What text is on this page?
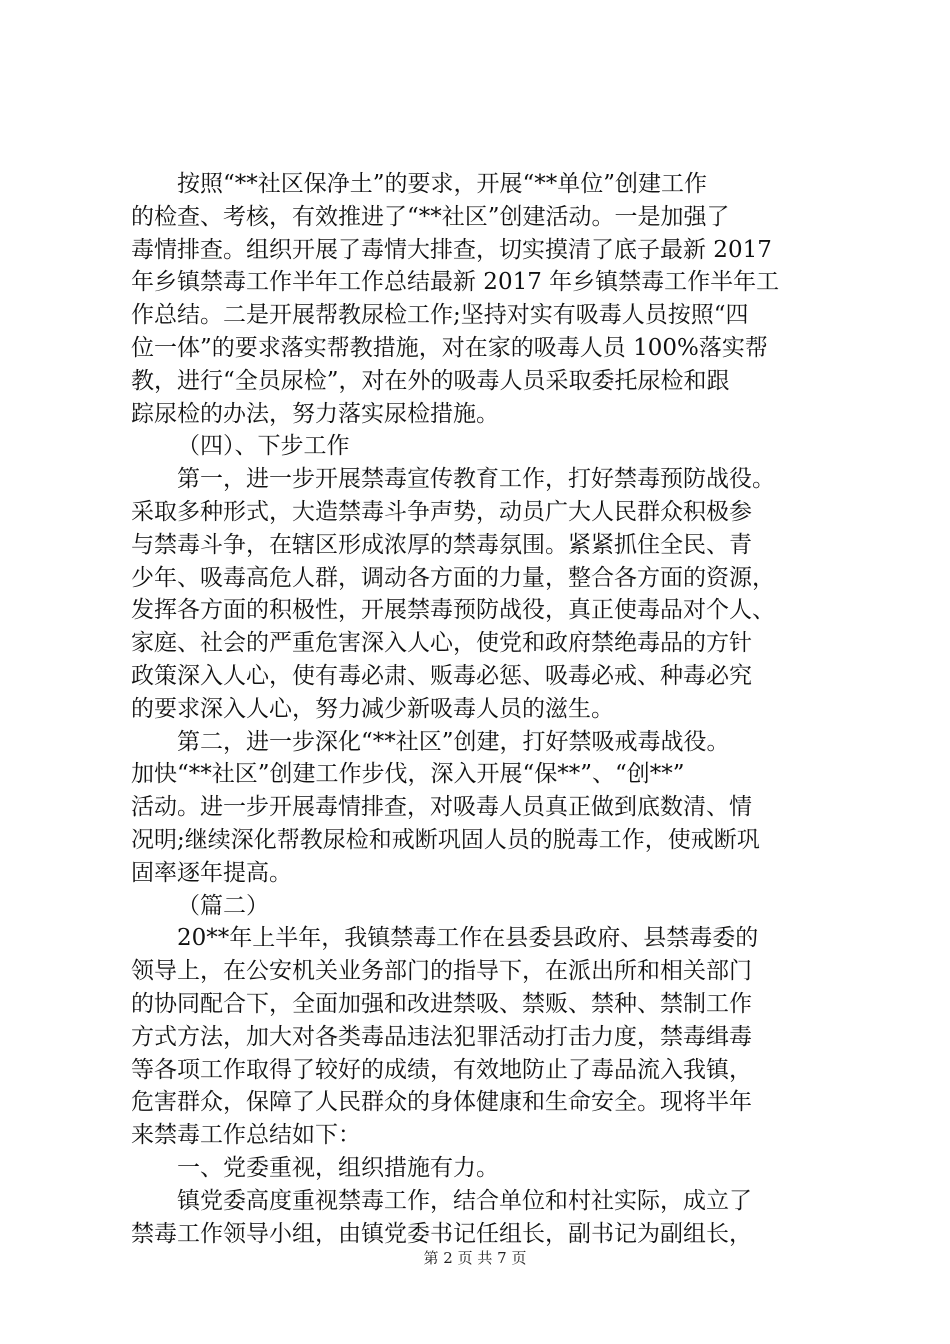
按照“**社区保净土”的要求，开展“**单位”创建工作
的检查、考核，有效推进了“**社区”创建活动。一是加强了
毒情排查。组织开展了毒情大排查，切实摸清了底子最新 2017
年乡镇禁毒工作半年工作总结最新 2017 年乡镇禁毒工作半年工
作总结。二是开展帮教尿检工作;坚持对实有吸毒人员按照“四
位一体”的要求落实帮教措施，对在家的吸毒人员 100%落实帮
教，进行“全员尿检”，对在外的吸毒人员采取委托尿检和跟
踪尿检的办法，努力落实尿检措施。
（四）、下步工作
第一，进一步开展禁毒宣传教育工作，打好禁毒预防战役。
采取多种形式，大造禁毒斗争声势，动员广大人民群众积极参
与禁毒斗争，在辖区形成浓厚的禁毒氛围。紧紧抓住全民、青
少年、吸毒高危人群，调动各方面的力量，整合各方面的资源，
发挥各方面的积极性，开展禁毒预防战役，真正使毒品对个人、
家庭、社会的严重危害深入人心，使党和政府禁绝毒品的方针
政策深入人心，使有毒必肃、贩毒必惩、吸毒必戒、种毒必究
的要求深入人心，努力减少新吸毒人员的滋生。
第二，进一步深化“**社区”创建，打好禁吸戒毒战役。
加快“**社区”创建工作步伐，深入开展“保**”、“创**”
活动。进一步开展毒情排查，对吸毒人员真正做到底数清、情
况明;继续深化帮教尿检和戒断巩固人员的脱毒工作，使戒断巩
固率逐年提高。
（篇二）
20**年上半年，我镇禁毒工作在县委县政府、县禁毒委的
领导上，在公安机关业务部门的指导下，在派出所和相关部门
的协同配合下，全面加强和改进禁吸、禁贩、禁种、禁制工作
方式方法，加大对各类毒品违法犯罪活动打击力度，禁毒缉毒
等各项工作取得了较好的成绩，有效地防止了毒品流入我镇，
危害群众，保障了人民群众的身体健康和生命安全。现将半年
来禁毒工作总结如下：
一、党委重视，组织措施有力。
镇党委高度重视禁毒工作，结合单位和村社实际，成立了
禁毒工作领导小组，由镇党委书记任组长，副书记为副组长，
第 2 页 共 7 页
